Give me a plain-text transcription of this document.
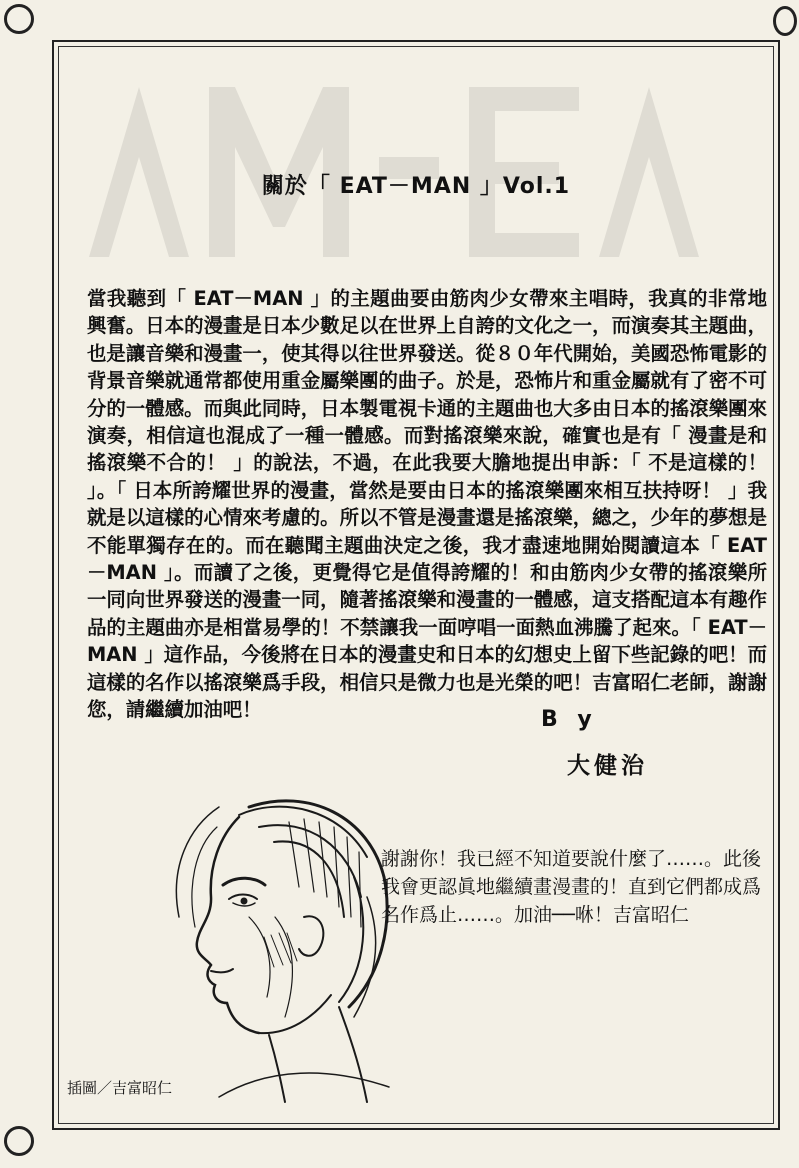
關於「 EAT－MAN 」Vol.1
當我聽到「 EAT－MAN 」的主題曲要由筋肉少女帶來主唱時，我真的非常地興奮。日本的漫畫是日本少數足以在世界上自誇的文化之一，而演奏其主題曲，也是讓音樂和漫畫一，使其得以往世界發送。從８０年代開始，美國恐怖電影的背景音樂就通常都使用重金屬樂團的曲子。於是，恐怖片和重金屬就有了密不可分的一體感。而與此同時，日本製電視卡通的主題曲也大多由日本的搖滾樂團來演奏，相信這也混成了一種一體感。而對搖滾樂來說，確實也是有「 漫畫是和搖滾樂不合的！ 」的說法，不過，在此我要大膽地提出申訴：「 不是這樣的！ 」。「 日本所誇耀世界的漫畫，當然是要由日本的搖滾樂團來相互扶持呀！ 」我就是以這樣的心情來考慮的。所以不管是漫畫還是搖滾樂，總之，少年的夢想是不能單獨存在的。而在聽聞主題曲決定之後，我才盡速地開始閱讀這本「 EAT－MAN 」。而讀了之後，更覺得它是值得誇耀的！和由筋肉少女帶的搖滾樂所一同向世界發送的漫畫一同，隨著搖滾樂和漫畫的一體感，這支搭配這本有趣作品的主題曲亦是相當易學的！不禁讓我一面哼唱一面熱血沸騰了起來。「 EAT－MAN 」這作品，今後將在日本的漫畫史和日本的幻想史上留下些記錄的吧！而這樣的名作以搖滾樂爲手段，相信只是微力也是光榮的吧！吉富昭仁老師，謝謝您，請繼續加油吧！	B y
大健治
謝謝你！我已經不知道要說什麼了……。此後我會更認眞地繼續畫漫畫的！直到它們都成爲名作爲止……。加油──咻！吉富昭仁
插圖／吉富昭仁
